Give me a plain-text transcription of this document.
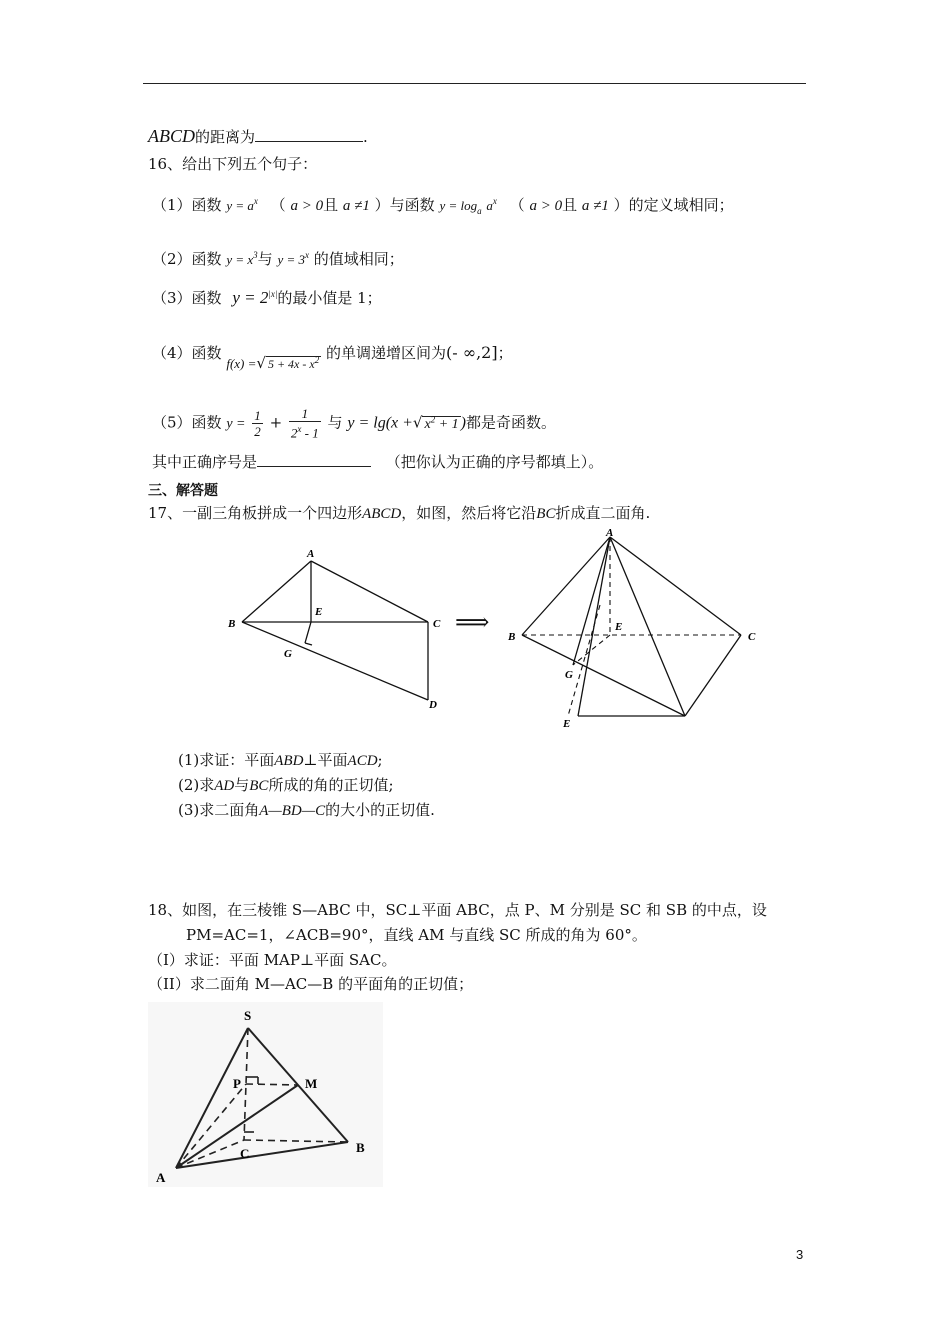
ABCD的距离为	.
16、给出下列五个句子：
（1）函数 $y = a^x$ （ a > 0且 a ≠1 ）与函数 $y = \log_a a^x$ （ a > 0且 a ≠1 ）的定义域相同；
（2）函数 $y = x^3$与 $y = 3^x$ 的值域相同；
（3）函数 $y = 2^{|x|}$的最小值是 1；
（4）函数 f(x) =√ $5 + 4x - x^2$ 的单调递增区间为(- ∞,2]；
（5）函数 $y = \frac{1}{2} + \frac{1}{2^x - 1}$ 与 y = lg(x +√ $x^2 + 1$ )都是奇函数。
其中正确序号是	（把你认为正确的序号都填上）。
三、解答题
17、一副三角板拼成一个四边形ABCD，如图，然后将它沿BC折成直二面角.
A
B
E
C
G
D
⟹
A
B
E
C
G
E
(1)求证：平面ABD⊥平面ACD;
(2)求AD与BC所成的角的正切值;
(3)求二面角A—BD—C的大小的正切值.
18、如图，在三棱锥 S—ABC 中，SC⊥平面 ABC，点 P、M 分别是 SC 和 SB 的中点，设
PM=AC=1，∠ACB=90°，直线 AM 与直线 SC 所成的角为 60°。
（I）求证：平面 MAP⊥平面 SAC。
（II）求二面角 M—AC—B 的平面角的正切值；
S
P	M
C	B
A
3
